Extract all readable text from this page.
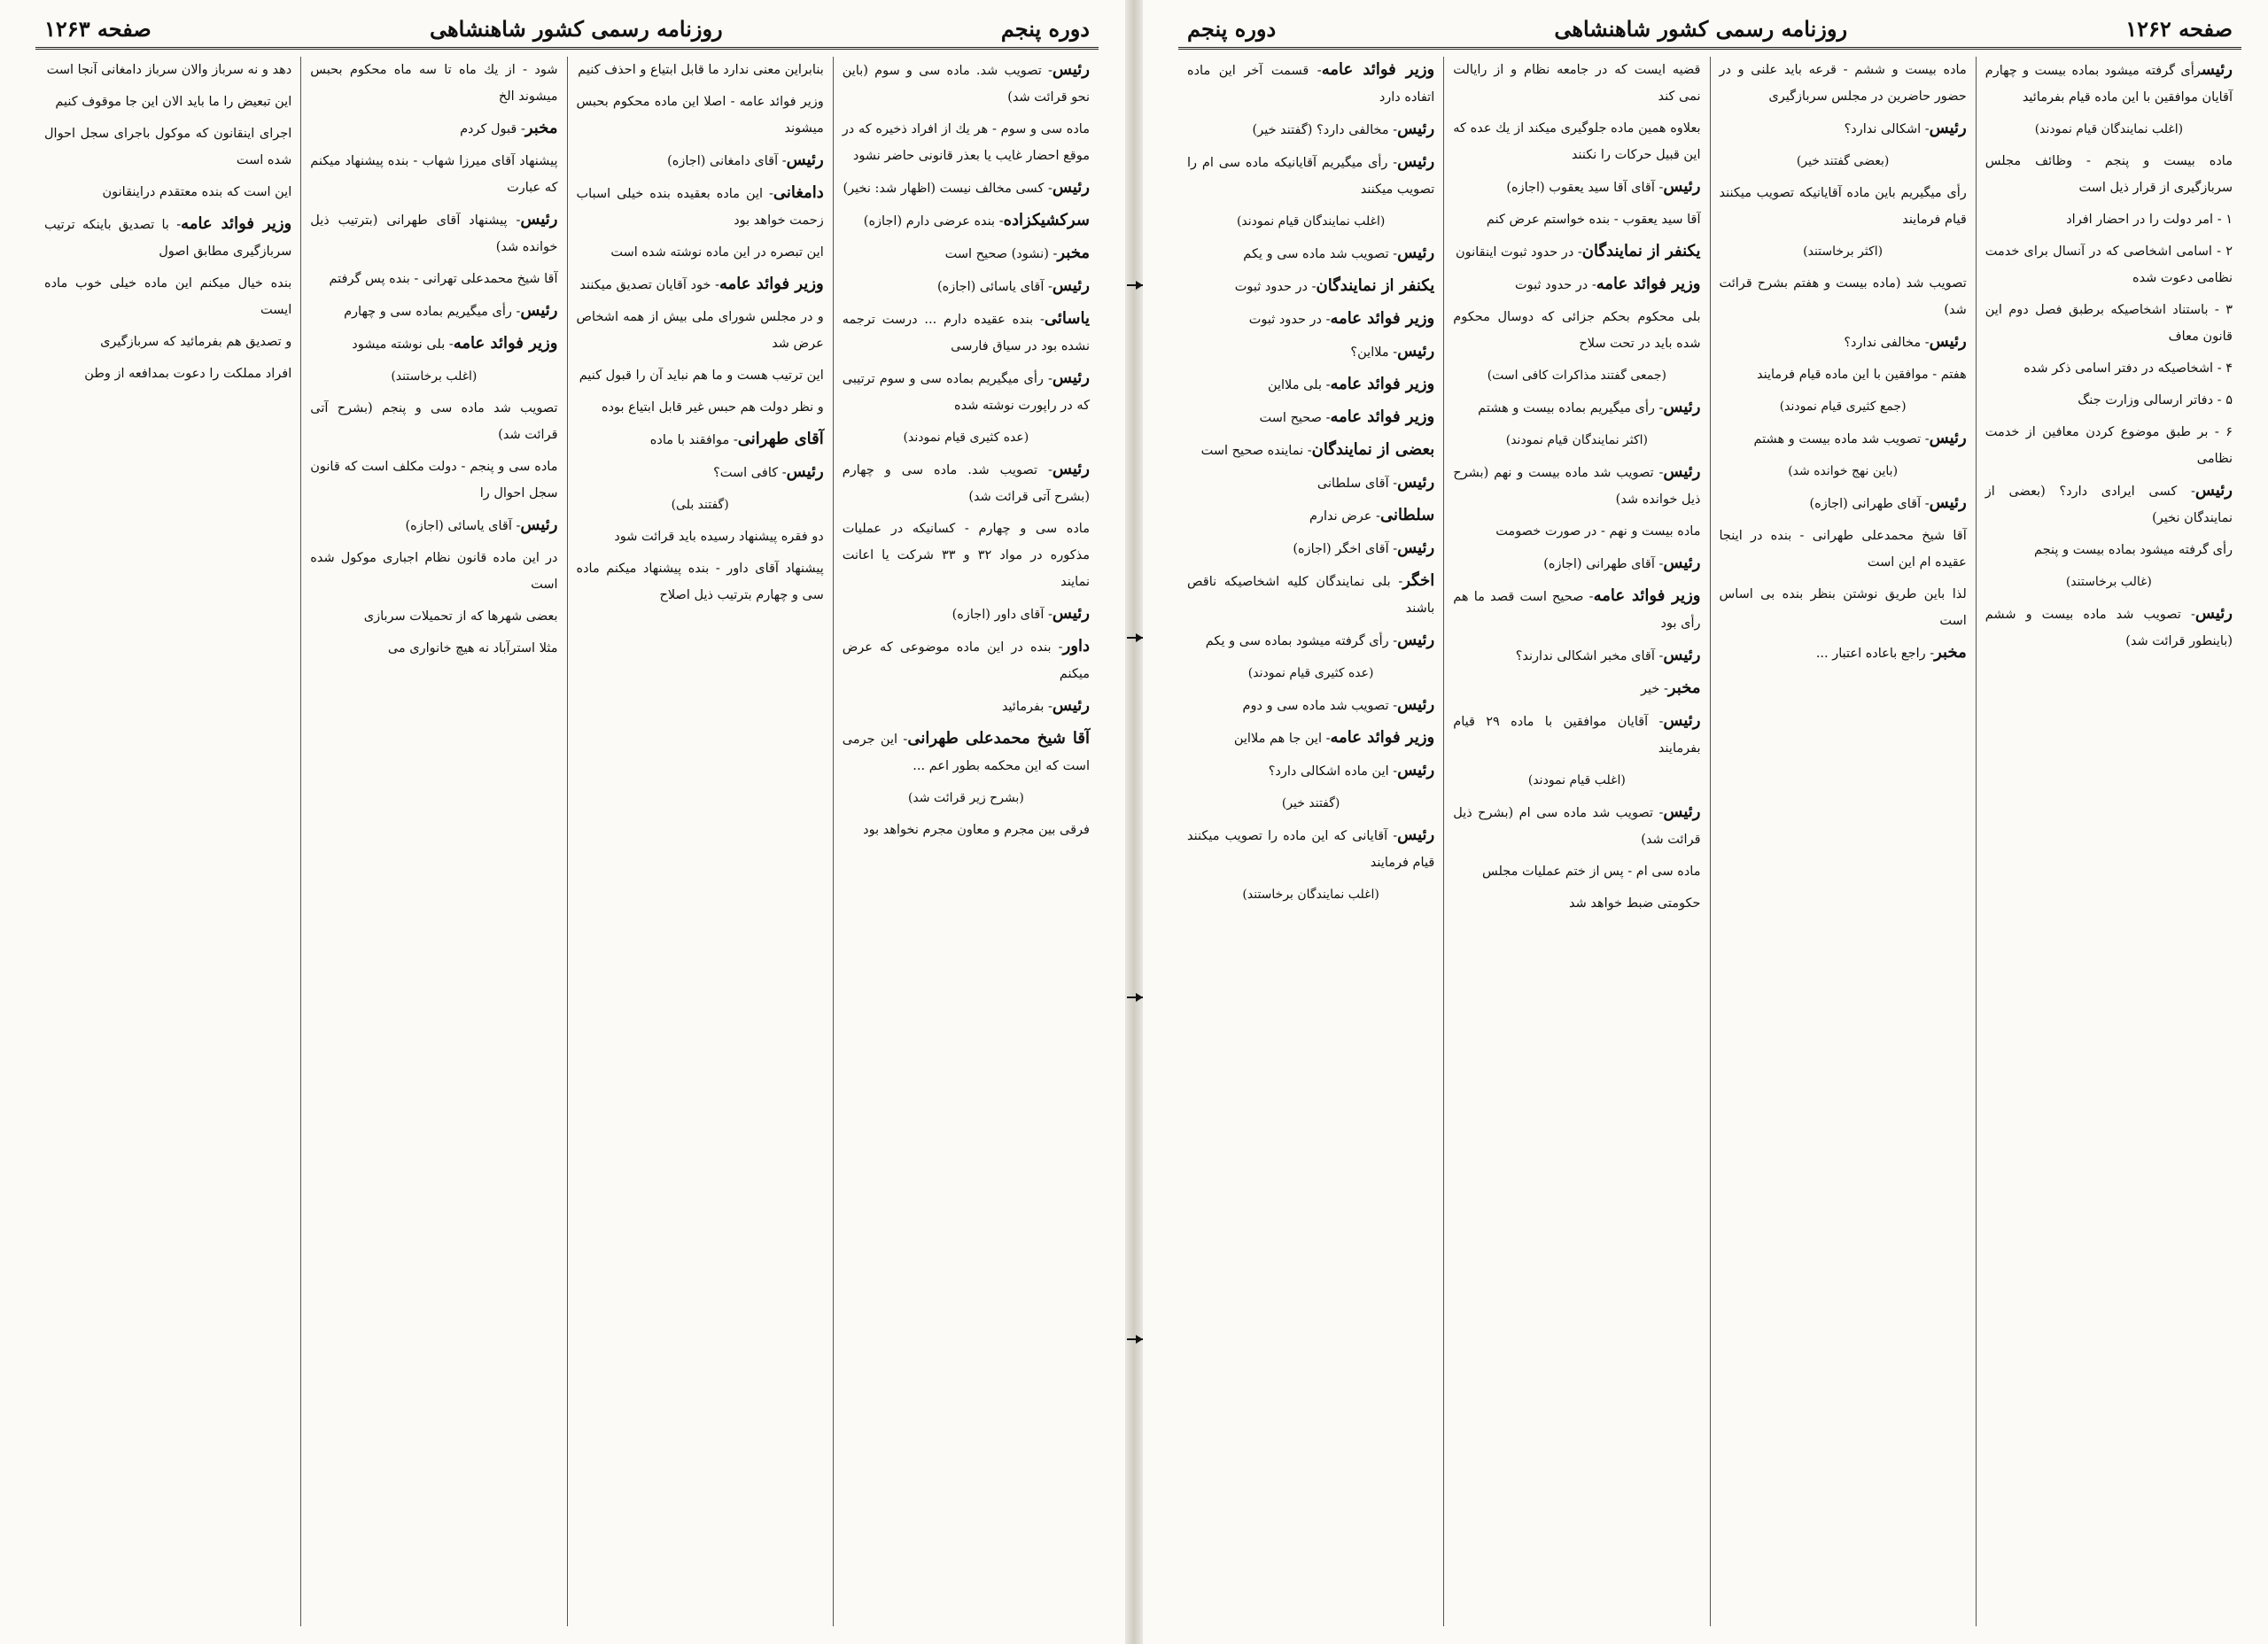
دوره پنجم
روزنامه رسمی کشور شاهنشاهی
صفحه ۱۲۶۳

رئیس- تصویب شد. ماده سی و سوم (باین نحو قرائت شد)

ماده سی و سوم - هر یك از افراد ذخیره كه در موقع احضار غایب یا بعذر قانونی حاضر نشود

رئیس- كسی مخالف نیست (اظهار شد: نخیر)

سركشیكزاده- بنده عرضی دارم (اجازه)

مخبر- (نشود) صحیح است

رئیس- آقای یاسائی (اجازه)

یاسائی- بنده عقیده دارم ... درست ترجمه نشده بود در سیاق فارسی

رئیس- رأی میگیریم بماده سی و سوم ترتیبی كه در راپورت نوشته شده

(عده كثیری قیام نمودند)

رئیس- تصویب شد. ماده سی و چهارم (بشرح آتی قرائت شد)

ماده سی و چهارم - كسانیكه در عملیات مذكوره در مواد ۳۲ و ۳۳ شركت یا اعانت نمایند

رئیس- آقای داور (اجازه)

داور- بنده در این ماده موضوعی كه عرض میكنم

رئیس- بفرمائید

آقا شیخ محمدعلی طهرانی- این جرمی است كه این محكمه بطور اعم ...

(بشرح زیر قرائت شد)

فرقی بین مجرم و معاون مجرم نخواهد بود

بنابراین معنی ندارد ما قابل ابتیاع و احذف كنیم

وزیر فوائد عامه - اصلا این ماده محكوم بحبس میشوند

رئیس- آقای دامغانی (اجازه)

دامغانی- این ماده بعقیده بنده خیلی اسباب زحمت خواهد بود

این تبصره در این ماده نوشته شده است

وزیر فوائد عامه- خود آقایان تصدیق میكنند

و در مجلس شورای ملی بیش از همه اشخاص عرض شد

این ترتیب هست و ما هم نباید آن را قبول كنیم

و نظر دولت هم حبس غیر قابل ابتیاع بوده

آقای طهرانی- موافقند با ماده

رئیس- كافی است؟

(گفتند بلی)

دو فقره پیشنهاد رسیده باید قرائت شود

پیشنهاد آقای داور - بنده پیشنهاد میكنم ماده سی و چهارم بترتیب ذیل اصلاح

شود - از یك ماه تا سه ماه محكوم بحبس میشوند الخ

مخبر- قبول كردم

پیشنهاد آقای میرزا شهاب - بنده پیشنهاد میكنم كه عبارت

رئیس- پیشنهاد آقای طهرانی (بترتیب ذیل خوانده شد)

آقا شیخ محمدعلی تهرانی - بنده پس گرفتم

رئیس- رأی میگیریم بماده سی و چهارم

وزیر فوائد عامه- بلی نوشته میشود

(اغلب برخاستند)

تصویب شد ماده سی و پنجم (بشرح آتی قرائت شد)

ماده سی و پنجم - دولت مكلف است كه قانون سجل احوال را

رئیس- آقای یاسائی (اجازه)

در این ماده قانون نظام اجباری موكول شده است

بعضی شهرها كه از تحمیلات سربازی

مثلا استرآباد نه هیچ خانواری می

دهد و نه سرباز والان سرباز دامغانی آنجا است

این تبعیض را ما باید الان این جا موقوف كنیم

اجرای اینقانون كه موكول باجرای سجل احوال شده است

این است كه بنده معتقدم دراینقانون

وزیر فوائد عامه- با تصدیق باینكه ترتیب سربازگیری مطابق اصول

بنده خیال میكنم این ماده خیلی خوب ماده ایست

و تصدیق هم بفرمائید كه سربازگیری

افراد مملكت را دعوت بمدافعه از وطن

صفحه ۱۲۶۲
روزنامه رسمی كشور شاهنشاهی
دوره پنجم

رئیسرأی گرفته میشود بماده بیست و چهارم آقایان موافقین با این ماده قیام بفرمائید

(اغلب نمایندگان قیام نمودند)

ماده بیست و پنجم - وظائف مجلس سربازگیری از قرار ذیل است

۱ - امر دولت را در احضار افراد

۲ - اسامی اشخاصی كه در آنسال برای خدمت نظامی دعوت شده

۳ - باستناد اشخاصیكه برطبق فصل دوم این قانون معاف

۴ - اشخاصیكه در دفتر اسامی ذكر شده

۵ - دفاتر ارسالی وزارت جنگ

۶ - بر طبق موضوع كردن معافین از خدمت نظامی

رئیس- كسی ایرادی دارد؟ (بعضی از نمایندگان نخیر)

رأی گرفته میشود بماده بیست و پنجم

(غالب برخاستند)

رئیس- تصویب شد ماده بیست و ششم (باینطور قرائت شد)

ماده بیست و ششم - قرعه باید علنی و در حضور حاضرین در مجلس سربازگیری

رئیس- اشكالی ندارد؟

(بعضی گفتند خیر)

رأی میگیریم باین ماده آقایانیكه تصویب میكنند قیام فرمایند

(اكثر برخاستند)

تصویب شد (ماده بیست و هفتم بشرح قرائت شد)

رئیس- مخالفی ندارد؟

هفتم - موافقین با این ماده قیام فرمایند

(جمع كثیری قیام نمودند)

رئیس- تصویب شد ماده بیست و هشتم

(باین نهج خوانده شد)

رئیس- آقای طهرانی (اجازه)

آقا شیخ محمدعلی طهرانی - بنده در اینجا عقیده ام این است

لذا باین طریق نوشتن بنظر بنده بی اساس است

مخبر- راجع باعاده اعتبار ...

قضیه ایست كه در جامعه نظام و از رایالت نمی كند

بعلاوه همین ماده جلوگیری میكند از یك عده كه این قبیل حركات را نكنند

رئیس- آقای آقا سید یعقوب (اجازه)

آقا سید یعقوب - بنده خواستم عرض كنم

یكنفر از نمایندگان- در حدود ثبوت اینقانون

وزیر فوائد عامه- در حدود ثبوت

بلی محكوم بحكم جزائی كه دوسال محكوم شده باید در تحت سلاح

(جمعی گفتند مذاكرات كافی است)

رئیس- رأی میگیریم بماده بیست و هشتم

(اكثر نمایندگان قیام نمودند)

رئیس- تصویب شد ماده بیست و نهم (بشرح ذیل خوانده شد)

ماده بیست و نهم - در صورت خصومت

رئیس- آقای طهرانی (اجازه)

وزیر فوائد عامه- صحیح است قصد ما هم رأی بود

رئیس- آقای مخبر اشكالی ندارند؟

مخبر- خیر

رئیس- آقایان موافقین با ماده ۲۹ قیام بفرمایند

(اغلب قیام نمودند)

رئیس- تصویب شد ماده سی ام (بشرح ذیل قرائت شد)

ماده سی ام - پس از ختم عملیات مجلس

حكومتی ضبط خواهد شد

وزیر فوائد عامه- قسمت آخر این ماده اتفاده دارد

رئیس- مخالفی دارد؟ (گفتند خیر)

رئیس- رأی میگیریم آقایانیكه ماده سی ام را تصویب میكنند

(اغلب نمایندگان قیام نمودند)

رئیس- تصویب شد ماده سی و یكم

یكنفر از نمایندگان- در حدود ثبوت

وزیر فوائد عامه- در حدود ثبوت

رئیس- ملااین؟

وزیر فوائد عامه- بلی ملااین

وزیر فوائد عامه- صحیح است

بعضی از نمایندگان- نماینده صحیح است

رئیس- آقای سلطانی

سلطانی- عرض ندارم

رئیس- آقای اخگر (اجازه)

اخگر- بلی نمایندگان كلیه اشخاصیكه ناقص باشند

رئیس- رأی گرفته میشود بماده سی و یكم

(عده كثیری قیام نمودند)

رئیس- تصویب شد ماده سی و دوم

وزیر فوائد عامه- این جا هم ملااین

رئیس- این ماده اشكالی دارد؟

(گفتند خیر)

رئیس- آقایانی كه این ماده را تصویب میكنند قیام فرمایند

(اغلب نمایندگان برخاستند)
